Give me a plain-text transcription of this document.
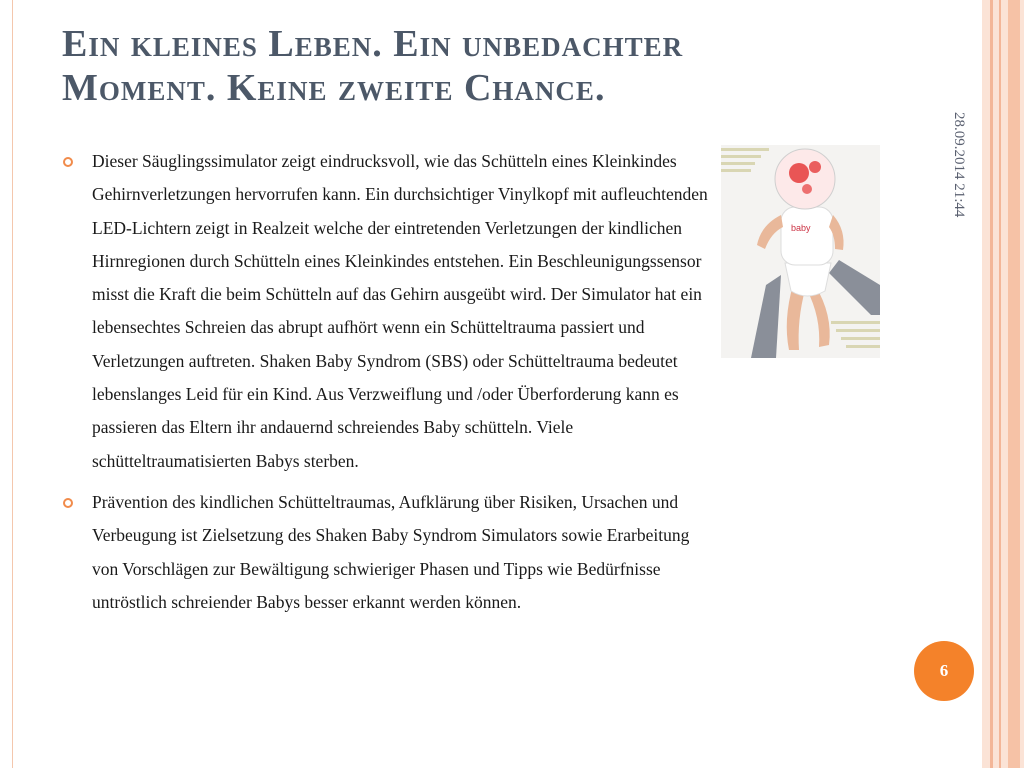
Ein kleines Leben. Ein unbedachter
Moment. Keine zweite Chance.
28.09.2014 21:44

Dieser Säuglingssimulator zeigt eindrucksvoll, wie das Schütteln eines Kleinkindes Gehirnverletzungen hervorrufen kann. Ein durchsichtiger Vinylkopf mit aufleuchtenden LED-Lichtern zeigt in Realzeit welche der eintretenden Verletzungen der kindlichen Hirnregionen durch Schütteln eines Kleinkindes entstehen. Ein Beschleunigungssensor misst die Kraft die beim Schütteln auf das Gehirn ausgeübt wird. Der Simulator hat ein lebensechtes Schreien das abrupt aufhört wenn ein Schütteltrauma passiert und Verletzungen auftreten. Shaken Baby Syndrom (SBS) oder Schütteltrauma bedeutet lebenslanges Leid für ein Kind. Aus Verzweiflung und /oder Überforderung kann es passieren das Eltern ihr andauernd schreiendes Baby schütteln. Viele schütteltraumatisierten Babys sterben.

Prävention des kindlichen Schütteltraumas, Aufklärung über Risiken, Ursachen und Verbeugung ist Zielsetzung des Shaken Baby Syndrom Simulators sowie Erarbeitung von Vorschlägen zur Bewältigung schwieriger Phasen und Tipps wie Bedürfnisse untröstlich schreiender Babys besser erkannt werden können.

baby
6
